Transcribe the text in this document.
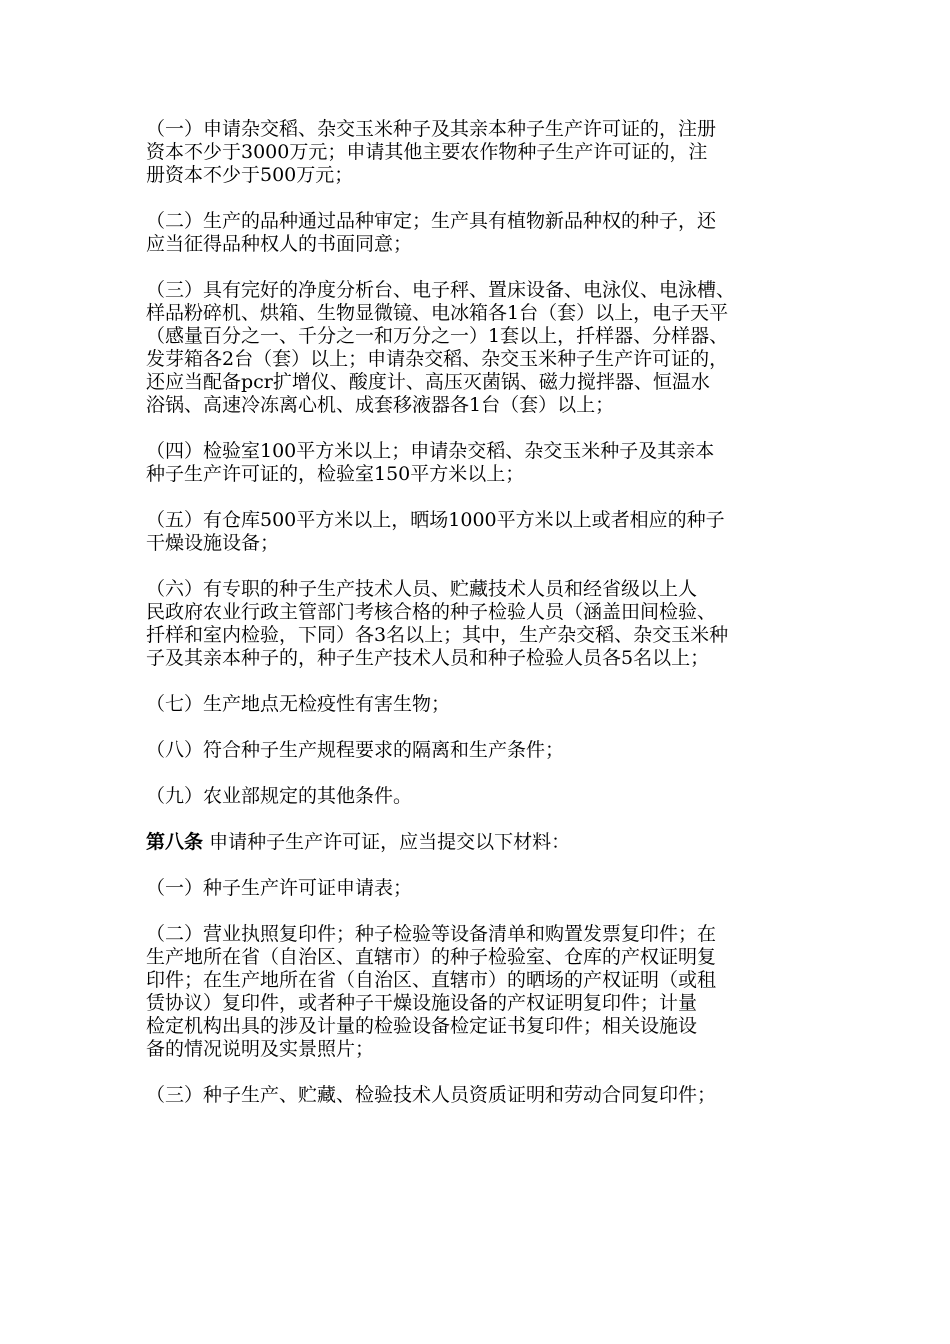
（一）申请杂交稻、杂交玉米种子及其亲本种子生产许可证的，注册
资本不少于3000万元；申请其他主要农作物种子生产许可证的，注
册资本不少于500万元；

（二）生产的品种通过品种审定；生产具有植物新品种权的种子，还
应当征得品种权人的书面同意；

（三）具有完好的净度分析台、电子秤、置床设备、电泳仪、电泳槽、
样品粉碎机、烘箱、生物显微镜、电冰箱各1台（套）以上，电子天平
（感量百分之一、千分之一和万分之一）1套以上，扦样器、分样器、
发芽箱各2台（套）以上；申请杂交稻、杂交玉米种子生产许可证的，
还应当配备pcr扩增仪、酸度计、高压灭菌锅、磁力搅拌器、恒温水
浴锅、高速冷冻离心机、成套移液器各1台（套）以上；

（四）检验室100平方米以上；申请杂交稻、杂交玉米种子及其亲本
种子生产许可证的，检验室150平方米以上；

（五）有仓库500平方米以上，晒场1000平方米以上或者相应的种子
干燥设施设备；

（六）有专职的种子生产技术人员、贮藏技术人员和经省级以上人
民政府农业行政主管部门考核合格的种子检验人员（涵盖田间检验、
扦样和室内检验，下同）各3名以上；其中，生产杂交稻、杂交玉米种
子及其亲本种子的，种子生产技术人员和种子检验人员各5名以上；

（七）生产地点无检疫性有害生物；

（八）符合种子生产规程要求的隔离和生产条件；

（九）农业部规定的其他条件。

第八条 申请种子生产许可证，应当提交以下材料：

（一）种子生产许可证申请表；

（二）营业执照复印件；种子检验等设备清单和购置发票复印件；在
生产地所在省（自治区、直辖市）的种子检验室、仓库的产权证明复
印件；在生产地所在省（自治区、直辖市）的晒场的产权证明（或租
赁协议）复印件，或者种子干燥设施设备的产权证明复印件；计量
检定机构出具的涉及计量的检验设备检定证书复印件；相关设施设
备的情况说明及实景照片；

（三）种子生产、贮藏、检验技术人员资质证明和劳动合同复印件；
